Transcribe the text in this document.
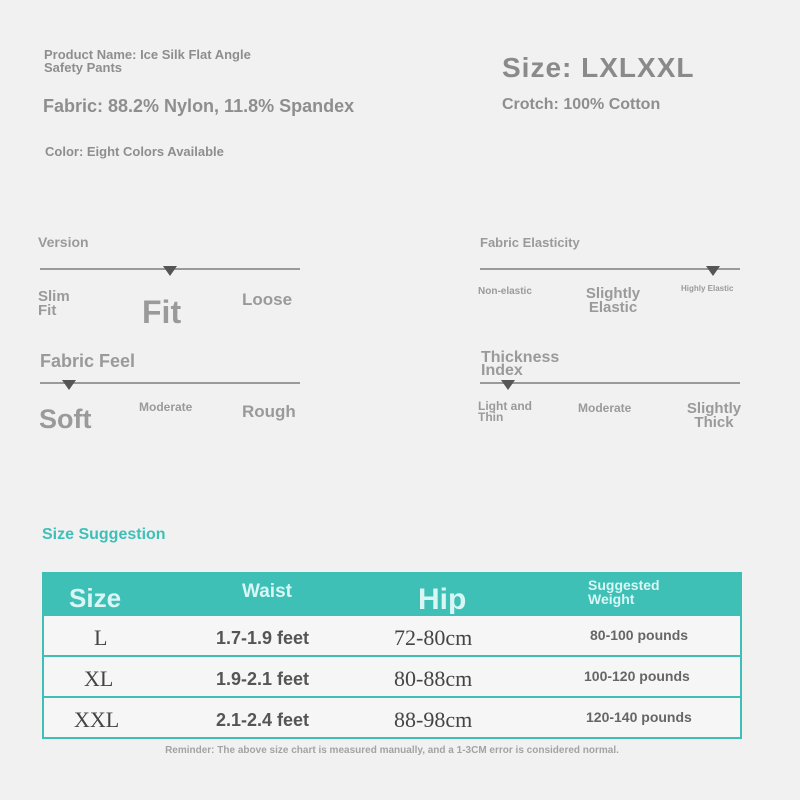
Product Name: Ice Silk Flat Angle Safety Pants	Size: LXLXXL
Fabric: 88.2% Nylon, 11.8% Spandex	Crotch: 100% Cotton
Color: Eight Colors Available
Version
Slim Fit	Fit	Loose
Fabric Elasticity
Non-elastic	Slightly Elastic
Highly Elastic
Fabric Feel
Soft	Moderate	Rough
Thickness Index
Light and Thin
Moderate	Slightly Thick
Size Suggestion
Size	Waist	Hip	Suggested Weight
L	1.7-1.9 feet	72-80cm	80-100 pounds
XL	1.9-2.1 feet	80-88cm	100-120 pounds
XXL	2.1-2.4 feet	88-98cm	120-140 pounds
Reminder: The above size chart is measured manually, and a 1-3CM error is considered normal.
